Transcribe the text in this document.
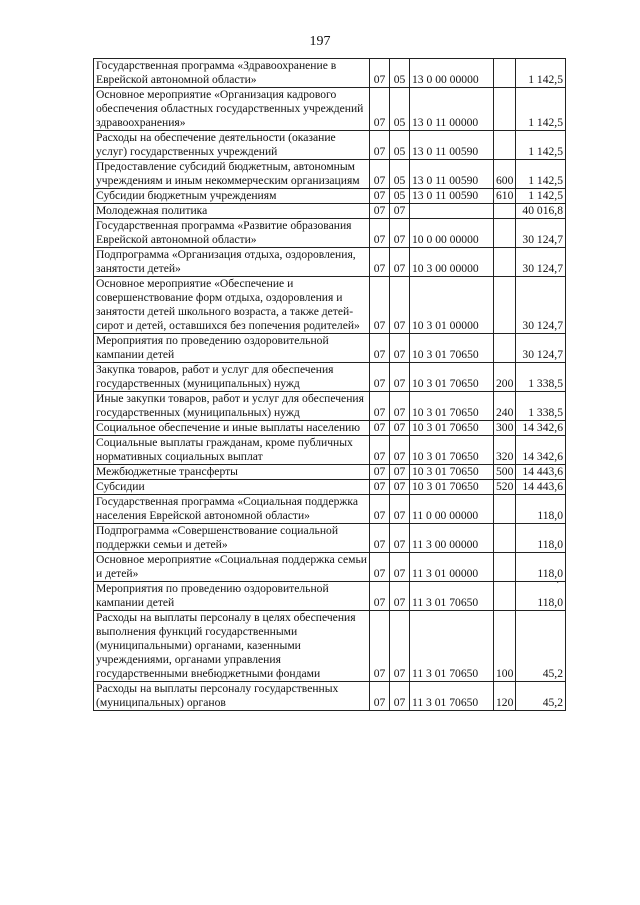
197
·
Государственная программа «Здравоохранение в Еврейской автономной области»	07	05	13 0 00 00000		1 142,5
Основное мероприятие «Организация кадрового обеспечения областных государственных учреждений здравоохранения»	07	05	13 0 11 00000		1 142,5
Расходы на обеспечение деятельности (оказание услуг) государственных учреждений	07	05	13 0 11 00590		1 142,5
Предоставление субсидий бюджетным, автономным учреждениям и иным некоммерческим организациям	07	05	13 0 11 00590	600	1 142,5
Субсидии бюджетным учреждениям	07	05	13 0 11 00590	610	1 142,5
Молодежная политика	07	07			40 016,8
Государственная программа «Развитие образования Еврейской автономной области»	07	07	10 0 00 00000		30 124,7
Подпрограмма «Организация отдыха, оздоровления, занятости детей»	07	07	10 3 00 00000		30 124,7
Основное мероприятие «Обеспечение и совершенствование форм отдыха, оздоровления и занятости детей школьного возраста, а также детей-сирот и детей, оставшихся без попечения родителей»	07	07	10 3 01 00000		30 124,7
Мероприятия по проведению оздоровительной кампании детей	07	07	10 3 01 70650		30 124,7
Закупка товаров, работ и услуг для обеспечения государственных (муниципальных) нужд	07	07	10 3 01 70650	200	1 338,5
Иные закупки товаров, работ и услуг для обеспечения государственных (муниципальных) нужд	07	07	10 3 01 70650	240	1 338,5
Социальное обеспечение и иные выплаты населению	07	07	10 3 01 70650	300	14 342,6
Социальные выплаты гражданам, кроме публичных нормативных социальных выплат	07	07	10 3 01 70650	320	14 342,6
Межбюджетные трансферты	07	07	10 3 01 70650	500	14 443,6
Субсидии	07	07	10 3 01 70650	520	14 443,6
Государственная программа «Социальная поддержка населения Еврейской автономной области»	07	07	11 0 00 00000		118,0
Подпрограмма «Совершенствование социальной поддержки семьи и детей»	07	07	11 3 00 00000		118,0
Основное мероприятие «Социальная поддержка семьи и детей»	07	07	11 3 01 00000		118,0
Мероприятия по проведению оздоровительной кампании детей	07	07	11 3 01 70650		118,0
Расходы на выплаты персоналу в целях обеспечения выполнения функций государственными (муниципальными) органами, казенными учреждениями, органами управления государственными внебюджетными фондами	07	07	11 3 01 70650	100	45,2
Расходы на выплаты персоналу государственных (муниципальных) органов	07	07	11 3 01 70650	120	45,2
